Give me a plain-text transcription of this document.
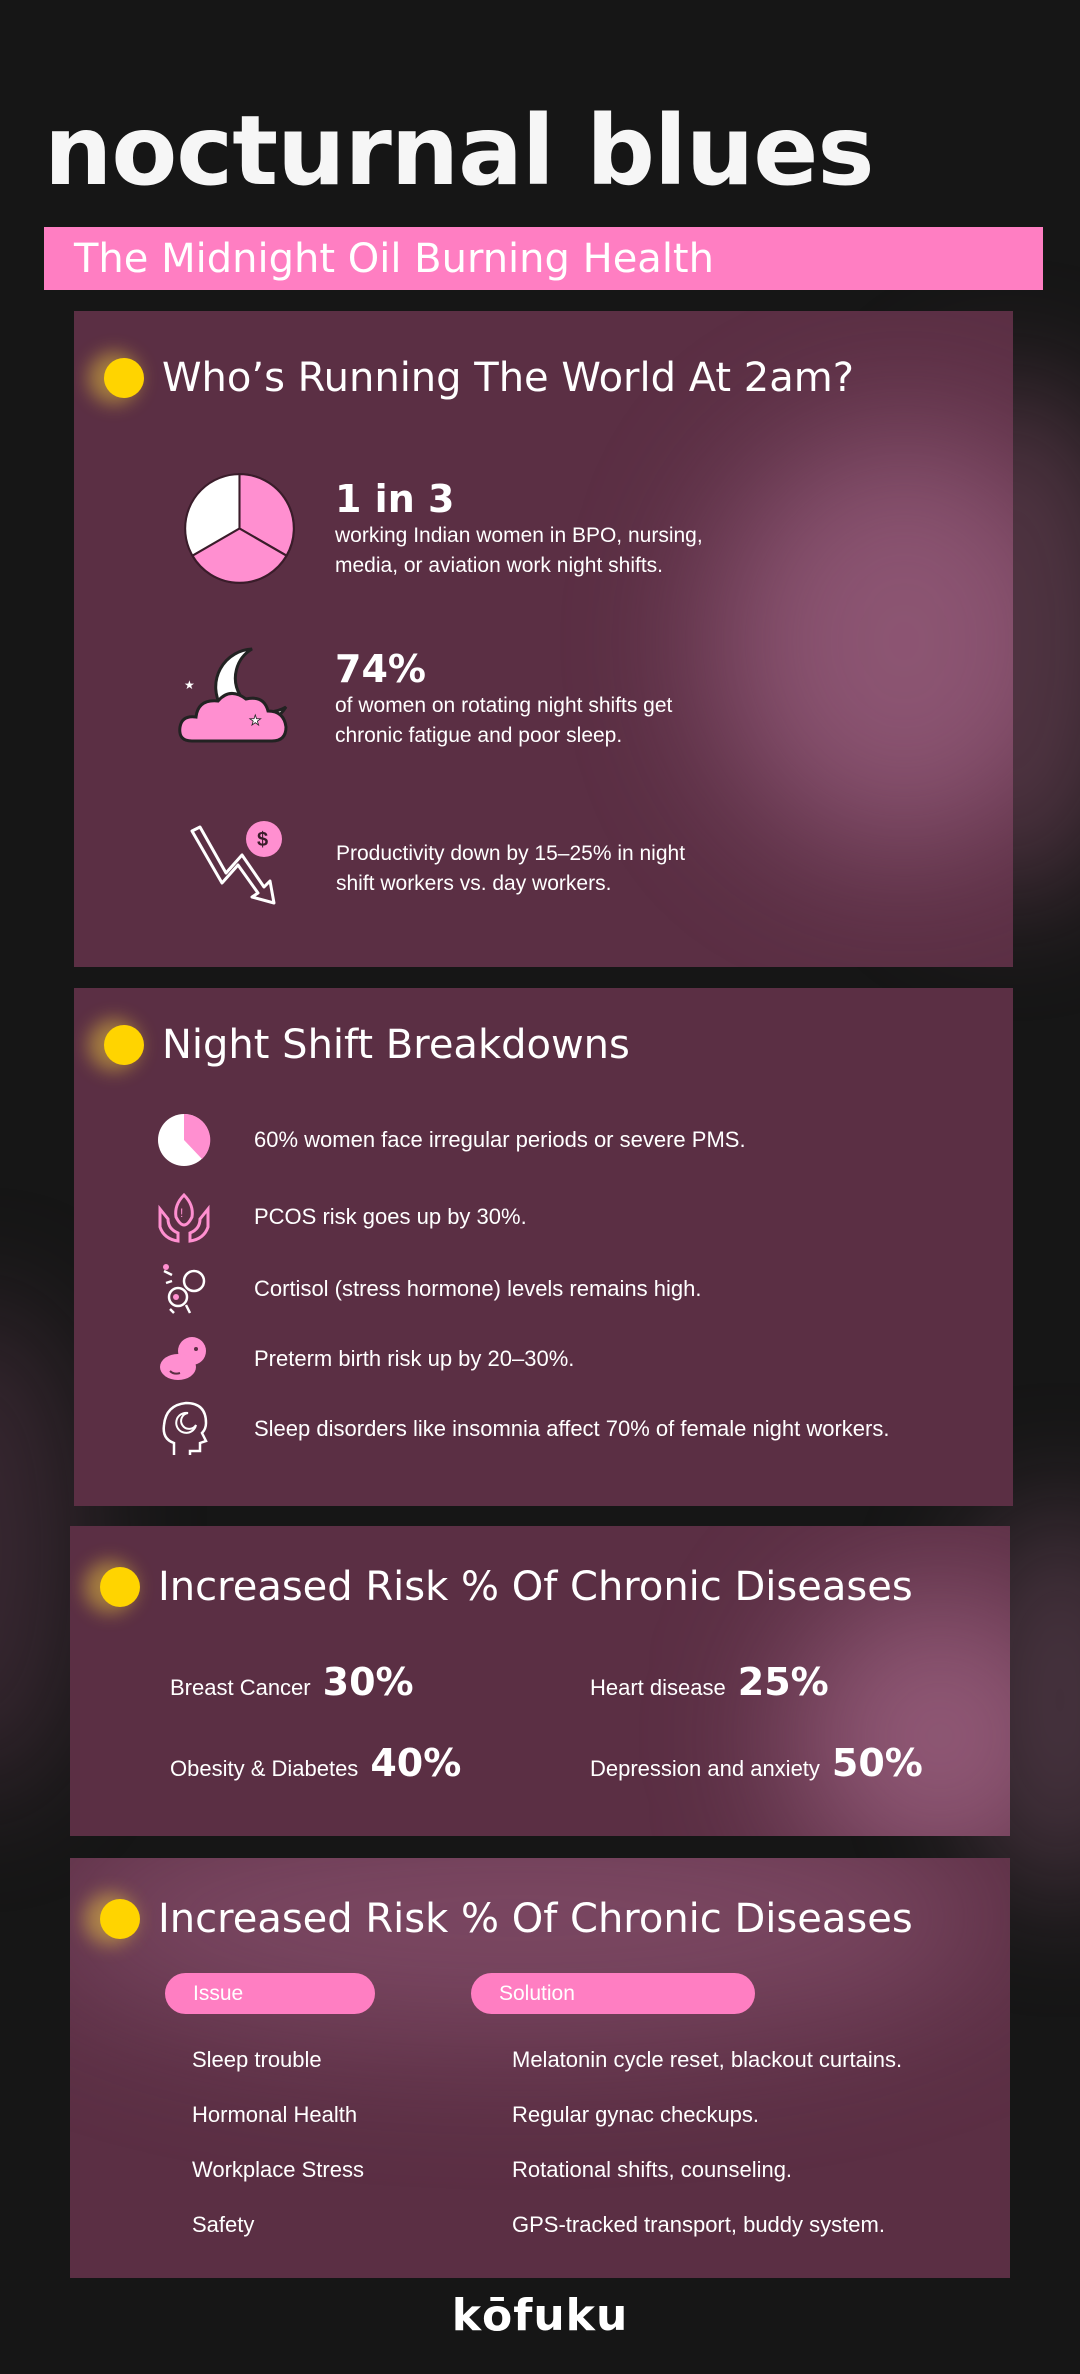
nocturnal blues
The Midnight Oil Burning Health
Who’s Running The World At 2am?
1 in 3
working Indian women in BPO, nursing,
media, or aviation work night shifts.
★
★	74%
of women on rotating night shifts get
chronic fatigue and poor sleep.
$
Productivity down by 15–25% in night
shift workers vs. day workers.
Night Shift Breakdowns
60% women face irregular periods or severe PMS.
!	PCOS risk goes up by 30%.
Cortisol (stress hormone) levels remains high.
Preterm birth risk up by 20–30%.
Sleep disorders like insomnia affect 70% of female night workers.
Increased Risk % Of Chronic Diseases
Breast Cancer 30%	Heart disease 25%
Obesity & Diabetes 40%	Depression and anxiety 50%
Increased Risk % Of Chronic Diseases
Issue	Solution
Sleep trouble	Melatonin cycle reset, blackout curtains.
Hormonal Health	Regular gynac checkups.
Workplace Stress	Rotational shifts, counseling.
Safety	GPS-tracked transport, buddy system.
kōfuku
